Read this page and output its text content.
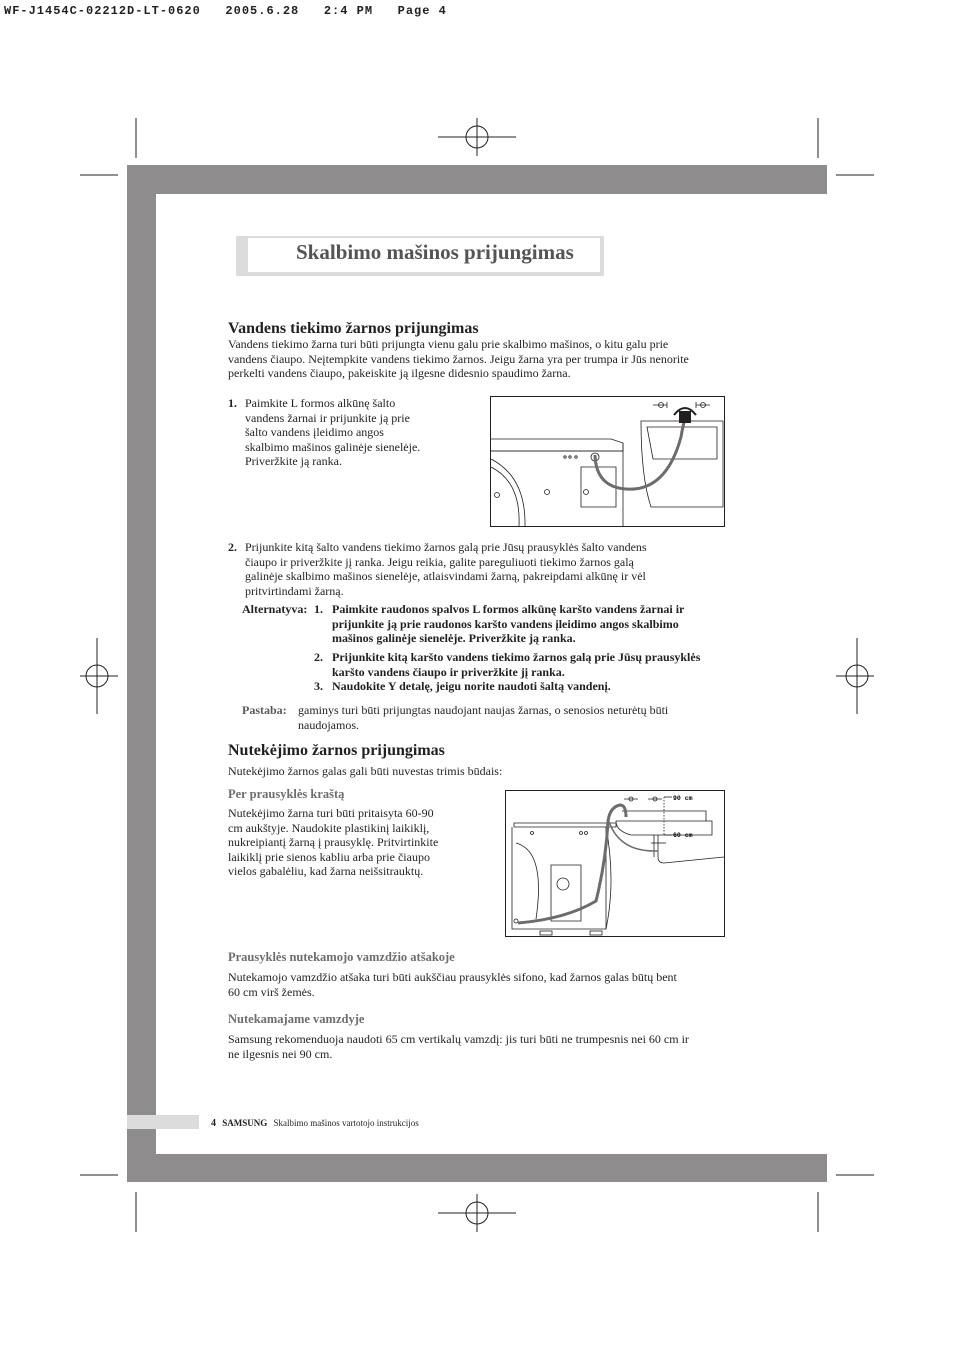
WF-J1454C-02212D-LT-0620   2005.6.28   2:4 PM   Page 4
Skalbimo mašinos prijungimas
Vandens tiekimo žarnos prijungimas
Vandens tiekimo žarna turi būti prijungta vienu galu prie skalbimo mašinos, o kitu galu prie
vandens čiaupo. Neįtempkite vandens tiekimo žarnos. Jeigu žarna yra per trumpa ir Jūs nenorite
perkelti vandens čiaupo, pakeiskite ją ilgesne didesnio spaudimo žarna.
1. Paimkite L formos alkūnę šalto
vandens žarnai ir prijunkite ją prie
šalto vandens įleidimo angos
skalbimo mašinos galinėje sienelėje.
Priveržkite ją ranka.
2. Prijunkite kitą šalto vandens tiekimo žarnos galą prie Jūsų prausyklės šalto vandens
čiaupo ir priveržkite jį ranka. Jeigu reikia, galite pareguliuoti tiekimo žarnos galą
galinėje skalbimo mašinos sienelėje, atlaisvindami žarną, pakreipdami alkūnę ir vėl
pritvirtindami žarną.
Alternatyva: 1. Paimkite raudonos spalvos L formos alkūnę karšto vandens žarnai ir
prijunkite ją prie raudonos karšto vandens įleidimo angos skalbimo
mašinos galinėje sienelėje. Priveržkite ją ranka.
2. Prijunkite kitą karšto vandens tiekimo žarnos galą prie Jūsų prausyklės
karšto vandens čiaupo ir priveržkite jį ranka.
3. Naudokite Y detalę, jeigu norite naudoti šaltą vandenį.
Pastaba: gaminys turi būti prijungtas naudojant naujas žarnas, o senosios neturėtų būti
naudojamos.
Nutekėjimo žarnos prijungimas
Nutekėjimo žarnos galas gali būti nuvestas trimis būdais:
Per prausyklės kraštą
Nutekėjimo žarna turi būti pritaisyta 60-90
cm aukštyje. Naudokite plastikinį laikiklį,
nukreipiantį žarną į prausyklę. Pritvirtinkite
laikiklį prie sienos kabliu arba prie čiaupo
vielos gabalėliu, kad žarna neišsitrauktų.
90 cm
60 cm
Prausyklės nutekamojo vamzdžio atšakoje
Nutekamojo vamzdžio atšaka turi būti aukščiau prausyklės sifono, kad žarnos galas būtų bent
60 cm virš žemės.
Nutekamajame vamzdyje
Samsung rekomenduoja naudoti 65 cm vertikalų vamzdį: jis turi būti ne trumpesnis nei 60 cm ir
ne ilgesnis nei 90 cm.
4 SAMSUNG Skalbimo mašinos vartotojo instrukcijos
